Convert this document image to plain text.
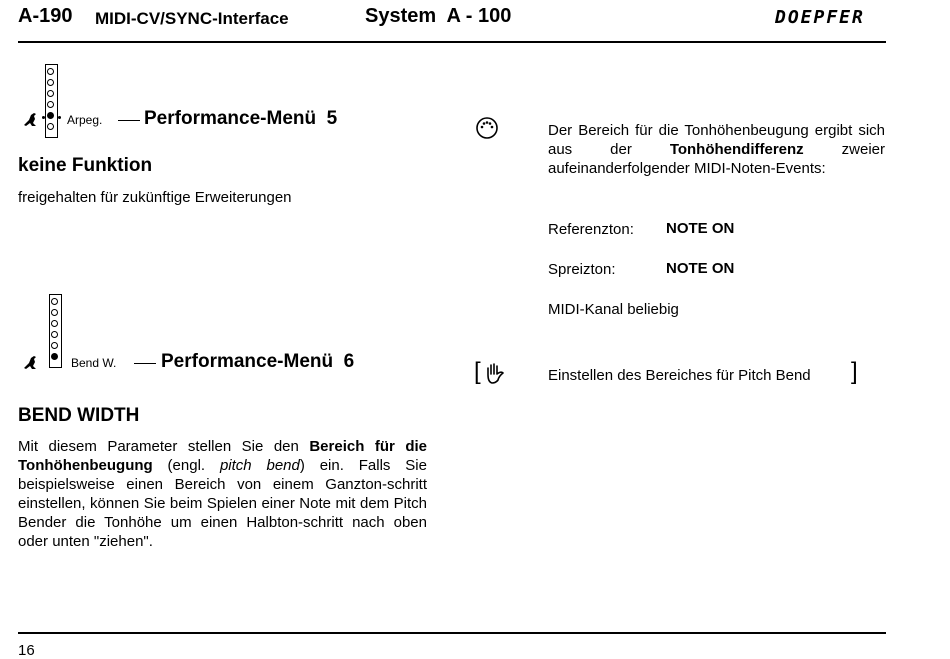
A-190 MIDI-CV/SYNC-Interface	System  A - 100	DOEPFER
Arpeg. Performance-Menü  5
keine Funktion
freigehalten für zukünftige Erweiterungen
Bend W. Performance-Menü  6
BEND WIDTH
Mit diesem Parameter stellen Sie den Bereich für die Tonhöhenbeugung (engl. pitch bend) ein. Falls Sie beispielsweise einen Bereich von einem Ganzton-schritt einstellen, können Sie beim Spielen einer Note mit dem Pitch Bender die Tonhöhe um einen Halbton-schritt nach oben oder unten "ziehen".
Der Bereich für die Tonhöhenbeugung ergibt sich aus der Tonhöhendifferenz zweier aufeinanderfolgender MIDI-Noten-Events:
Referenzton: NOTE ON
Spreizton:	NOTE ON
MIDI-Kanal beliebig
[	Einstellen des Bereiches für Pitch Bend ]
16
